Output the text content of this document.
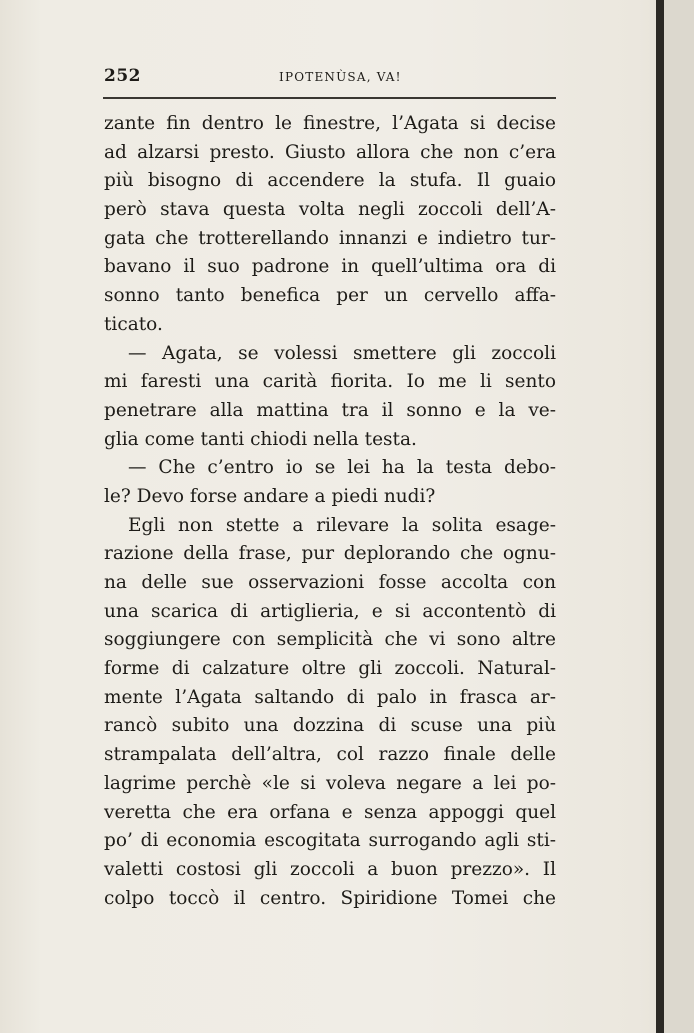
252	IPOTENÙSA, VA!
zante fin dentro le finestre, l’Agata si decise
ad alzarsi presto. Giusto allora che non c’era
più bisogno di accendere la stufa. Il guaio
però stava questa volta negli zoccoli dell’A-
gata che trotterellando innanzi e indietro tur-
bavano il suo padrone in quell’ultima ora di
sonno tanto benefica per un cervello affa-
ticato.
— Agata, se volessi smettere gli zoccoli
mi faresti una carità fiorita. Io me li sento
penetrare alla mattina tra il sonno e la ve-
glia come tanti chiodi nella testa.
— Che c’entro io se lei ha la testa debo-
le? Devo forse andare a piedi nudi?
Egli non stette a rilevare la solita esage-
razione della frase, pur deplorando che ognu-
na delle sue osservazioni fosse accolta con
una scarica di artiglieria, e si accontentò di
soggiungere con semplicità che vi sono altre
forme di calzature oltre gli zoccoli. Natural-
mente l’Agata saltando di palo in frasca ar-
rancò subito una dozzina di scuse una più
strampalata dell’altra, col razzo finale delle
lagrime perchè «le si voleva negare a lei po-
veretta che era orfana e senza appoggi quel
po’ di economia escogitata surrogando agli sti-
valetti costosi gli zoccoli a buon prezzo». Il
colpo toccò il centro. Spiridione Tomei che
